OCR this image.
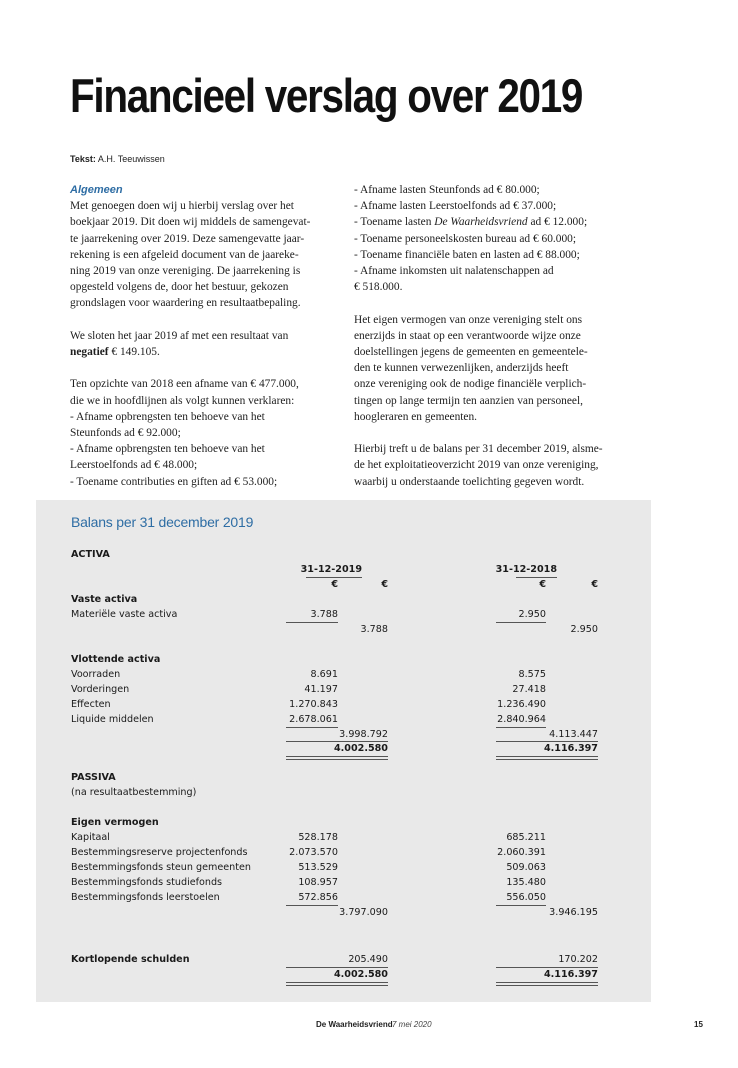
Financieel verslag over 2019
Tekst: A.H. Teeuwissen
Algemeen

Met genoegen doen wij u hierbij verslag over het
boekjaar 2019. Dit doen wij middels de samengevat-
te jaarrekening over 2019. Deze samengevatte jaar-
rekening is een afgeleid document van de jaareke-
ning 2019 van onze vereniging. De jaarrekening is
opgesteld volgens de, door het bestuur, gekozen
grondslagen voor waardering en resultaatbepaling.

We sloten het jaar 2019 af met een resultaat van
negatief € 149.105.

Ten opzichte van 2018 een afname van € 477.000,
die we in hoofdlijnen als volgt kunnen verklaren:
- Afname opbrengsten ten behoeve van het
Steunfonds ad € 92.000;
- Afname opbrengsten ten behoeve van het
Leerstoelfonds ad € 48.000;
- Toename contributies en giften ad € 53.000;

- Afname lasten Steunfonds ad € 80.000;
- Afname lasten Leerstoelfonds ad € 37.000;
- Toename lasten De Waarheidsvriend ad € 12.000;
- Toename personeelskosten bureau ad € 60.000;
- Toename financiële baten en lasten ad € 88.000;
- Afname inkomsten uit nalatenschappen ad
€ 518.000.

Het eigen vermogen van onze vereniging stelt ons
enerzijds in staat op een verantwoorde wijze onze
doelstellingen jegens de gemeenten en gemeentele-
den te kunnen verwezenlijken, anderzijds heeft
onze vereniging ook de nodige financiële verplich-
tingen op lange termijn ten aanzien van personeel,
hoogleraren en gemeenten.

Hierbij treft u de balans per 31 december 2019, alsme-
de het exploitatieoverzicht 2019 van onze vereniging,
waarbij u onderstaande toelichting gegeven wordt.

Balans per 31 december 2019
ACTIVA
31-12-2019	31-12-2018
€	€	€	€
Vaste activa
Materiële vaste activa	3.788	2.950
3.788	2.950
Vlottende activa
Voorraden	8.691	8.575
Vorderingen	41.197	27.418
Effecten	1.270.843	1.236.490
Liquide middelen	2.678.061	2.840.964
3.998.792	4.113.447
4.002.580	4.116.397
PASSIVA
(na resultaatbestemming)
Eigen vermogen
Kapitaal	528.178	685.211
Bestemmingsreserve projectenfonds	2.073.570	2.060.391
Bestemmingsfonds steun gemeenten	513.529	509.063
Bestemmingsfonds studiefonds	108.957	135.480
Bestemmingsfonds leerstoelen	572.856	556.050
3.797.090	3.946.195
Kortlopende schulden	205.490	170.202
4.002.580	4.116.397
De Waarheidsvriend 7 mei 2020	15
